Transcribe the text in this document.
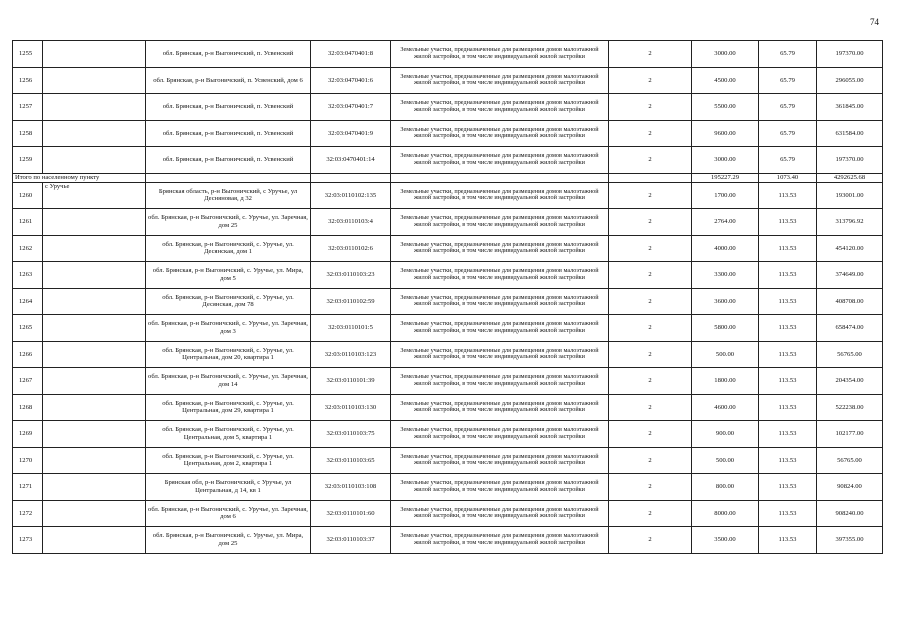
74
1255		обл. Брянская, р-н Выгоничский, п. Усвенский	32:03:0470401:8	Земельные участки, предназначенные для размещения домов малоэтажной жилой застройки, в том числе индивидуальной жилой застройки	2	3000.00	65.79	197370.00
1256		обл. Брянская, р-н Выгоничский, п. Усвенский, дом 6	32:03:0470401:6	Земельные участки, предназначенные для размещения домов малоэтажной жилой застройки, в том числе индивидуальной жилой застройки	2	4500.00	65.79	296055.00
1257		обл. Брянская, р-н Выгоничский, п. Усвенский	32:03:0470401:7	Земельные участки, предназначенные для размещения домов малоэтажной жилой застройки, в том числе индивидуальной жилой застройки	2	5500.00	65.79	361845.00
1258		обл. Брянская, р-н Выгоничский, п. Усвенский	32:03:0470401:9	Земельные участки, предназначенные для размещения домов малоэтажной жилой застройки, в том числе индивидуальной жилой застройки	2	9600.00	65.79	631584.00
1259		обл. Брянская, р-н Выгоничский, п. Усвенский	32:03:0470401:14	Земельные участки, предназначенные для размещения домов малоэтажной жилой застройки, в том числе индивидуальной жилой застройки	2	3000.00	65.79	197370.00
Итого по населенному пункту						195227.29	1073.40	4292625.68
1260	с Уручье	Брянская область, р-н Выгоничский, с Уручье, ул Десняновая, д 32	32:03:0110102:135	Земельные участки, предназначенные для размещения домов малоэтажной жилой застройки, в том числе индивидуальной жилой застройки	2	1700.00	113.53	193001.00
1261		обл. Брянская, р-н Выгоничский, с. Уручье, ул. Заречная, дом 25	32:03:0110103:4	Земельные участки, предназначенные для размещения домов малоэтажной жилой застройки, в том числе индивидуальной жилой застройки	2	2764.00	113.53	313796.92
1262		обл. Брянская, р-н Выгоничский, с. Уручье, ул. Десянская, дом 1	32:03:0110102:6	Земельные участки, предназначенные для размещения домов малоэтажной жилой застройки, в том числе индивидуальной жилой застройки	2	4000.00	113.53	454120.00
1263		обл. Брянская, р-н Выгоничский, с. Уручье, ул. Мира, дом 5	32:03:0110103:23	Земельные участки, предназначенные для размещения домов малоэтажной жилой застройки, в том числе индивидуальной жилой застройки	2	3300.00	113.53	374649.00
1264		обл. Брянская, р-н Выгоничский, с. Уручье, ул. Десянская, дом 78	32:03:0110102:59	Земельные участки, предназначенные для размещения домов малоэтажной жилой застройки, в том числе индивидуальной жилой застройки	2	3600.00	113.53	408708.00
1265		обл. Брянская, р-н Выгоничский, с. Уручье, ул. Заречная, дом 3	32:03:0110101:5	Земельные участки, предназначенные для размещения домов малоэтажной жилой застройки, в том числе индивидуальной жилой застройки	2	5800.00	113.53	658474.00
1266		обл. Брянская, р-н Выгоничский, с. Уручье, ул. Центральная, дом 20, квартира 1	32:03:0110103:123	Земельные участки, предназначенные для размещения домов малоэтажной жилой застройки, в том числе индивидуальной жилой застройки	2	500.00	113.53	56765.00
1267		обл. Брянская, р-н Выгоничский, с. Уручье, ул. Заречная, дом 14	32:03:0110101:39	Земельные участки, предназначенные для размещения домов малоэтажной жилой застройки, в том числе индивидуальной жилой застройки	2	1800.00	113.53	204354.00
1268		обл. Брянская, р-н Выгоничский, с. Уручье, ул. Центральная, дом 29, квартира 1	32:03:0110103:130	Земельные участки, предназначенные для размещения домов малоэтажной жилой застройки, в том числе индивидуальной жилой застройки	2	4600.00	113.53	522238.00
1269		обл. Брянская, р-н Выгоничский, с. Уручье, ул. Центральная, дом 5, квартира 1	32:03:0110103:75	Земельные участки, предназначенные для размещения домов малоэтажной жилой застройки, в том числе индивидуальной жилой застройки	2	900.00	113.53	102177.00
1270		обл. Брянская, р-н Выгоничский, с. Уручье, ул. Центральная, дом 2, квартира 1	32:03:0110103:65	Земельные участки, предназначенные для размещения домов малоэтажной жилой застройки, в том числе индивидуальной жилой застройки	2	500.00	113.53	56765.00
1271		Брянская обл, р-н Выгоничский, с Уручье, ул Центральная, д 14, кв 1	32:03:0110103:108	Земельные участки, предназначенные для размещения домов малоэтажной жилой застройки, в том числе индивидуальной жилой застройки	2	800.00	113.53	90824.00
1272		обл. Брянская, р-н Выгоничский, с. Уручье, ул. Заречная, дом 6	32:03:0110101:60	Земельные участки, предназначенные для размещения домов малоэтажной жилой застройки, в том числе индивидуальной жилой застройки	2	8000.00	113.53	908240.00
1273		обл. Брянская, р-н Выгоничский, с. Уручье, ул. Мира, дом 25	32:03:0110103:37	Земельные участки, предназначенные для размещения домов малоэтажной жилой застройки, в том числе индивидуальной жилой застройки	2	3500.00	113.53	397355.00
